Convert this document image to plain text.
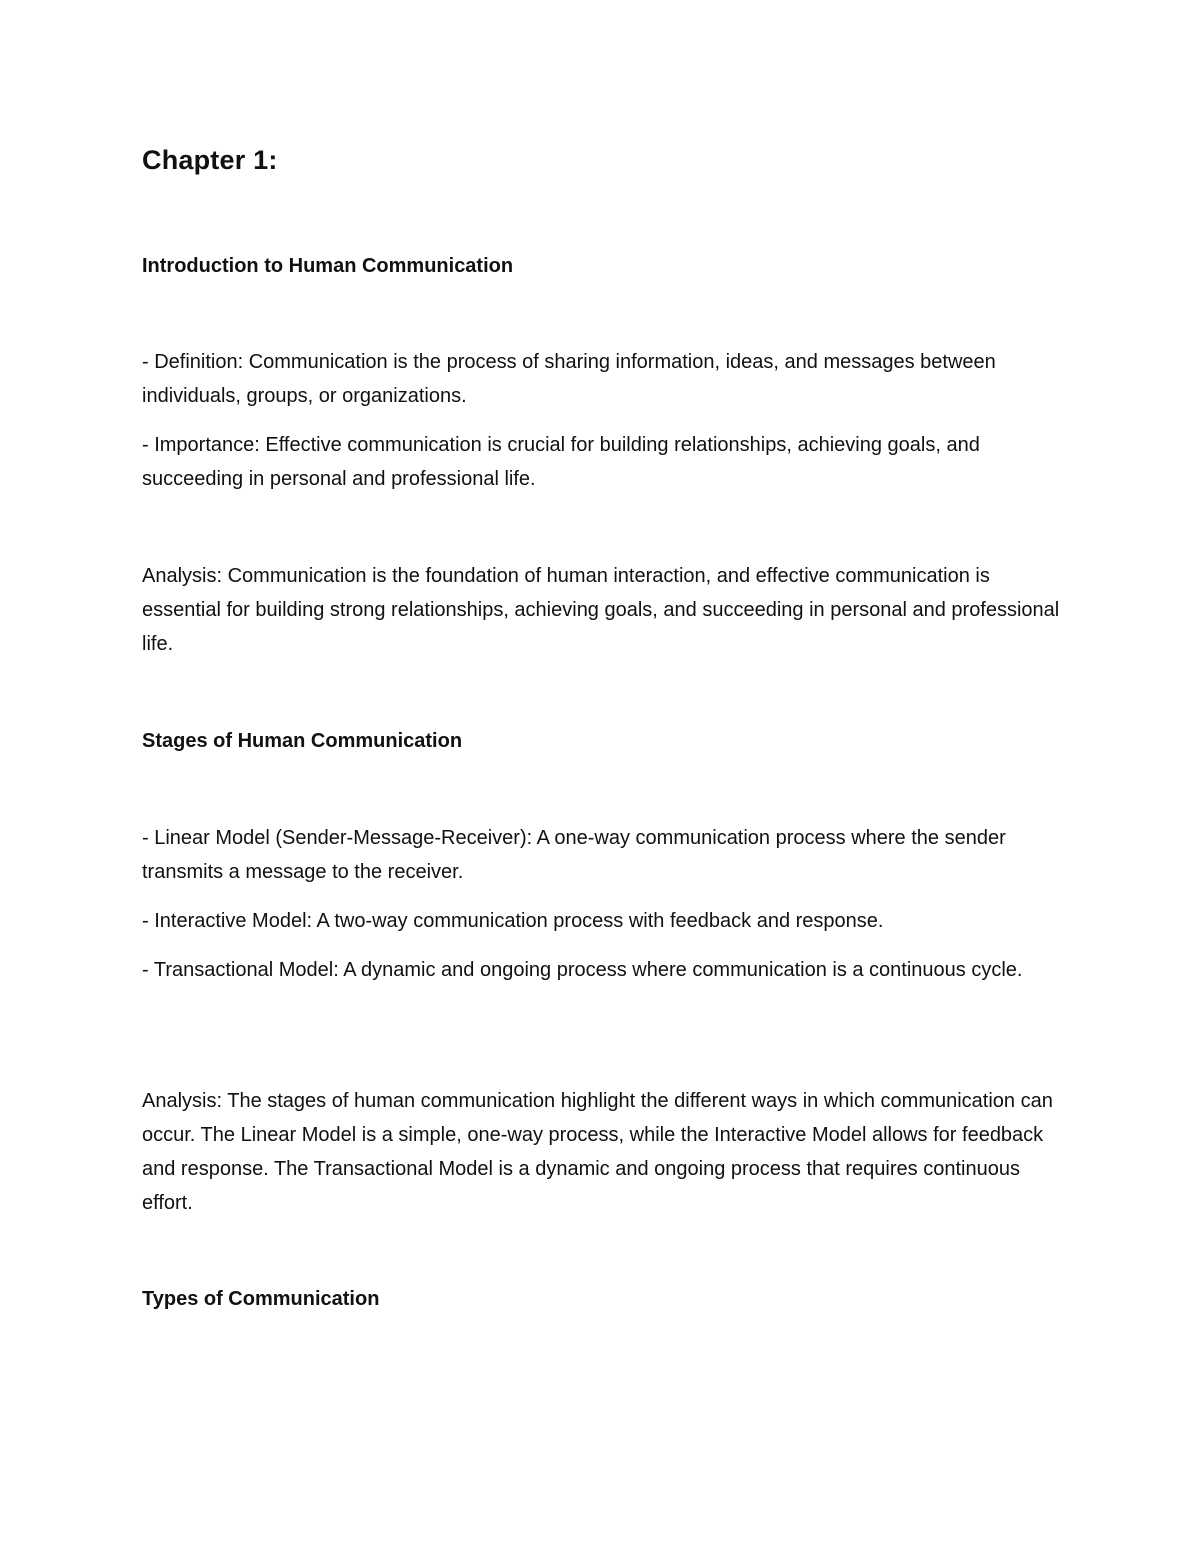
Chapter 1:
Introduction to Human Communication

- Definition: Communication is the process of sharing information, ideas, and messages between individuals, groups, or organizations.

- Importance: Effective communication is crucial for building relationships, achieving goals, and succeeding in personal and professional life.

Analysis: Communication is the foundation of human interaction, and effective communication is essential for building strong relationships, achieving goals, and succeeding in personal and professional life.

Stages of Human Communication

- Linear Model (Sender-Message-Receiver): A one-way communication process where the sender transmits a message to the receiver.

- Interactive Model: A two-way communication process with feedback and response.

- Transactional Model: A dynamic and ongoing process where communication is a continuous cycle.

Analysis: The stages of human communication highlight the different ways in which communication can occur. The Linear Model is a simple, one-way process, while the Interactive Model allows for feedback and response. The Transactional Model is a dynamic and ongoing process that requires continuous effort.

Types of Communication
